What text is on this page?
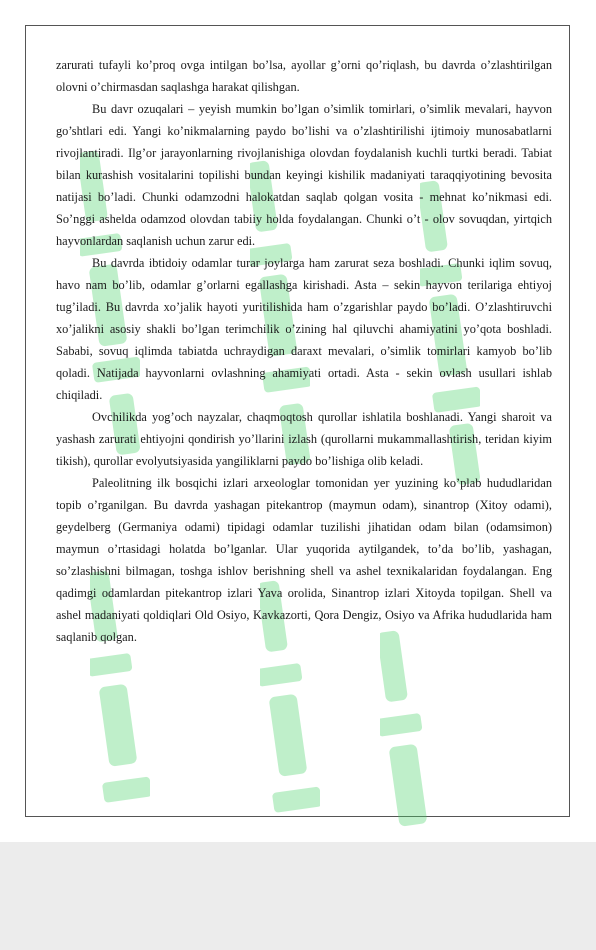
zarurati tufayli ko’proq ovga intilgan bo’lsa, ayollar g’orni qo’riqlash, bu davrda o’zlashtirilgan olovni o’chirmasdan saqlashga harakat qilishgan.

Bu davr ozuqalari – yeyish mumkin bo’lgan o’simlik tomirlari, o’simlik mevalari, hayvon go’shtlari edi. Yangi ko’nikmalarning paydo bo’lishi va o’zlashtirilishi ijtimoiy munosabatlarni rivojlantiradi. Ilg’or jarayonlarning rivojlanishiga olovdan foydalanish kuchli turtki beradi. Tabiat bilan kurashish vositalarini topilishi bundan keyingi kishilik madaniyati taraqqiyotining bevosita natijasi bo’ladi. Chunki odamzodni halokatdan saqlab qolgan vosita - mehnat ko’nikmasi edi. So’nggi ashelda odamzod olovdan tabiiy holda foydalangan. Chunki o’t - olov sovuqdan, yirtqich hayvonlardan saqlanish uchun zarur edi.

Bu davrda ibtidoiy odamlar turar joylarga ham zarurat seza boshladi. Chunki iqlim sovuq, havo nam bo’lib, odamlar g’orlarni egallashga kirishadi. Asta – sekin hayvon terilariga ehtiyoj tug’iladi. Bu davrda xo’jalik hayoti yuritilishida ham o’zgarishlar paydo bo’ladi. O’zlashtiruvchi xo’jalikni asosiy shakli bo’lgan terimchilik o’zining hal qiluvchi ahamiyatini yo’qota boshladi. Sababi, sovuq iqlimda tabiatda uchraydigan daraxt mevalari, o’simlik tomirlari kamyob bo’lib qoladi. Natijada hayvonlarni ovlashning ahamiyati ortadi. Asta - sekin ovlash usullari ishlab chiqiladi.

Ovchilikda yog’och nayzalar, chaqmoqtosh qurollar ishlatila boshlanadi. Yangi sharoit va yashash zarurati ehtiyojni qondirish yo’llarini izlash (qurollarni mukammallashtirish, teridan kiyim tikish), qurollar evolyutsiyasida yangiliklarni paydo bo’lishiga olib keladi.

Paleolitning ilk bosqichi izlari arxeologlar tomonidan yer yuzining ko’plab hududlaridan topib o’rganilgan. Bu davrda yashagan pitekantrop (maymun odam), sinantrop (Xitoy odami), geydelberg (Germaniya odami) tipidagi odamlar tuzilishi jihatidan odam bilan (odamsimon) maymun o’rtasidagi holatda bo’lganlar. Ular yuqorida aytilgandek, to’da bo’lib, yashagan, so’zlashishni bilmagan, toshga ishlov berishning shell va ashel texnikalaridan foydalangan. Eng qadimgi odamlardan pitekantrop izlari Yava orolida, Sinantrop izlari Xitoyda topilgan. Shell va ashel madaniyati qoldiqlari Old Osiyo, Kavkazorti, Qora Dengiz, Osiyo va Afrika hududlarida ham saqlanib qolgan.
